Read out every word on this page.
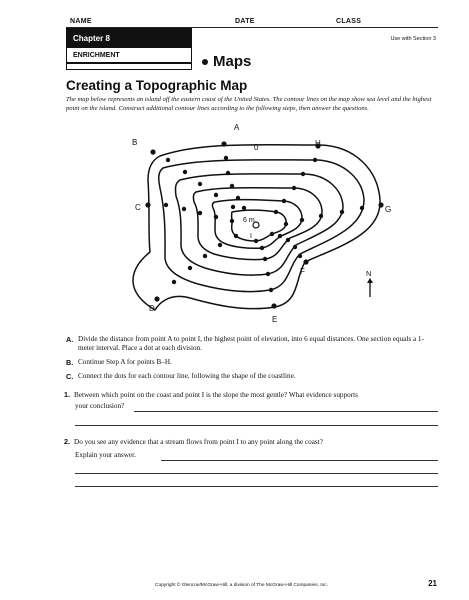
NAME	DATE	CLASS
Chapter 8
ENRICHMENT
Use with Section 3
Maps
Creating a Topographic Map
The map below represents an island off the eastern coast of the United States. The contour lines on the map show sea level and the highest point on the island. Construct additional contour lines according to the following steps, then answer the questions.
A
B
C
D
E
F
G
H
0
6 m
I
N
A. Divide the distance from point A to point I, the highest point of elevation, into 6 equal distances. One section equals a 1-meter interval. Place a dot at each division.
B. Continue Step A for points B–H.
C. Connect the dots for each contour line, following the shape of the coastline.
1. Between which point on the coast and point I is the slope the most gentle? What evidence supports
your conclusion?
2. Do you see any evidence that a stream flows from point I to any point along the coast?
Explain your answer.
Copyright © Glencoe/McGraw-Hill, a division of The McGraw-Hill Companies, Inc.	21
